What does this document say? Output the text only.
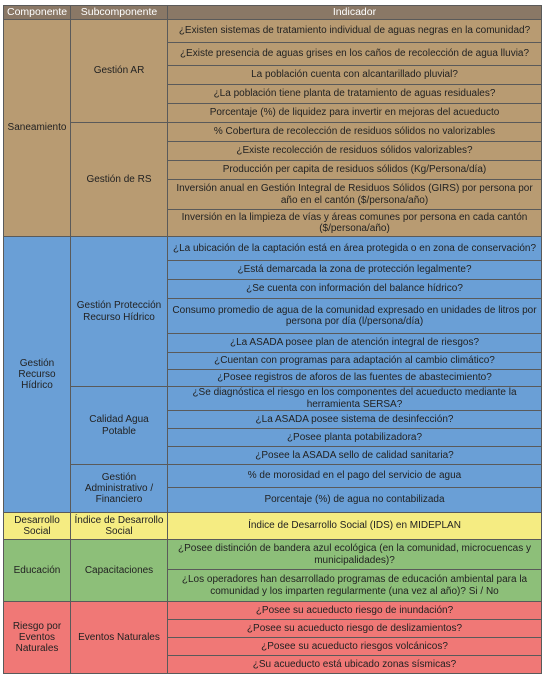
Componente	Subcomponente	Indicador
Saneamiento	Gestión AR	¿Existen sistemas de tratamiento individual de aguas negras en la comunidad?
		¿Existe presencia de aguas grises en los caños de recolección de agua lluvia?
		La población cuenta con alcantarillado pluvial?
		¿La población tiene planta de tratamiento de aguas residuales?
		Porcentaje (%) de liquidez para invertir en mejoras del acueducto
	Gestión de RS	% Cobertura de recolección de residuos sólidos no valorizables
		¿Existe recolección de residuos sólidos valorizables?
		Producción per capita de residuos sólidos (Kg/Persona/día)
		Inversión anual en Gestión Integral de Residuos Sólidos (GIRS) por persona por año en el cantón ($/persona/año)
		Inversión en la limpieza de vías y áreas comunes por persona en cada cantón ($/persona/año)
Gestión Recurso Hídrico	Gestión Protección Recurso Hídrico	¿La ubicación de la captación está en área protegida o en zona de conservación?
		¿Está demarcada la zona de protección legalmente?
		¿Se cuenta con información del balance hídrico?
		Consumo promedio de agua de la comunidad expresado en unidades de litros por persona por día (l/persona/día)
		¿La ASADA posee plan de atención integral de riesgos?
		¿Cuentan con programas para adaptación al cambio climático?
		¿Posee registros de aforos de las fuentes de abastecimiento?
	Calidad Agua Potable	¿Se diagnóstica el riesgo en los componentes del acueducto mediante la herramienta SERSA?
		¿La ASADA posee sistema de desinfección?
		¿Posee planta potabilizadora?
		¿Posee la ASADA sello de calidad sanitaria?
	Gestión Administrativo / Financiero	% de morosidad en el pago del servicio de agua
		Porcentaje (%) de agua no contabilizada
Desarrollo Social	Índice de Desarrollo Social	Índice de Desarrollo Social (IDS) en MIDEPLAN
Educación	Capacitaciones	¿Posee distinción de bandera azul ecológica (en la comunidad, microcuencas y municipalidades)?
		¿Los operadores han desarrollado programas de educación ambiental para la comunidad y los imparten regularmente (una vez al año)? Si / No
Riesgo por Eventos Naturales	Eventos Naturales	¿Posee su acueducto riesgo de inundación?
		¿Posee su acueducto riesgo de deslizamientos?
		¿Posee su acueducto riesgos volcánicos?
		¿Su acueducto está ubicado zonas sísmicas?
